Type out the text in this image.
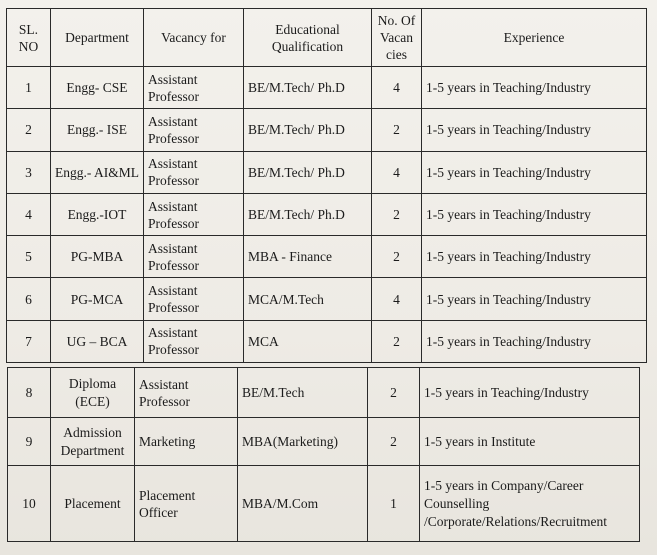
SL. NO	Department	Vacancy for	Educational Qualification	No. Of Vacan cies	Experience
1	Engg- CSE	Assistant Professor	BE/M.Tech/ Ph.D	4	1-5 years in Teaching/Industry
2	Engg.- ISE	Assistant Professor	BE/M.Tech/ Ph.D	2	1-5 years in Teaching/Industry
3	Engg.- AI&ML	Assistant Professor	BE/M.Tech/ Ph.D	4	1-5 years in Teaching/Industry
4	Engg.-IOT	Assistant Professor	BE/M.Tech/ Ph.D	2	1-5 years in Teaching/Industry
5	PG-MBA	Assistant Professor	MBA - Finance	2	1-5 years in Teaching/Industry
6	PG-MCA	Assistant Professor	MCA/M.Tech	4	1-5 years in Teaching/Industry
7	UG – BCA	Assistant Professor	MCA	2	1-5 years in Teaching/Industry
8	Diploma (ECE)	Assistant Professor	BE/M.Tech	2	1-5 years in Teaching/Industry
9	Admission Department	Marketing	MBA(Marketing)	2	1-5 years in Institute
10	Placement	Placement Officer	MBA/M.Com	1	1-5 years in Company/Career Counselling /Corporate/Relations/Recruitment
